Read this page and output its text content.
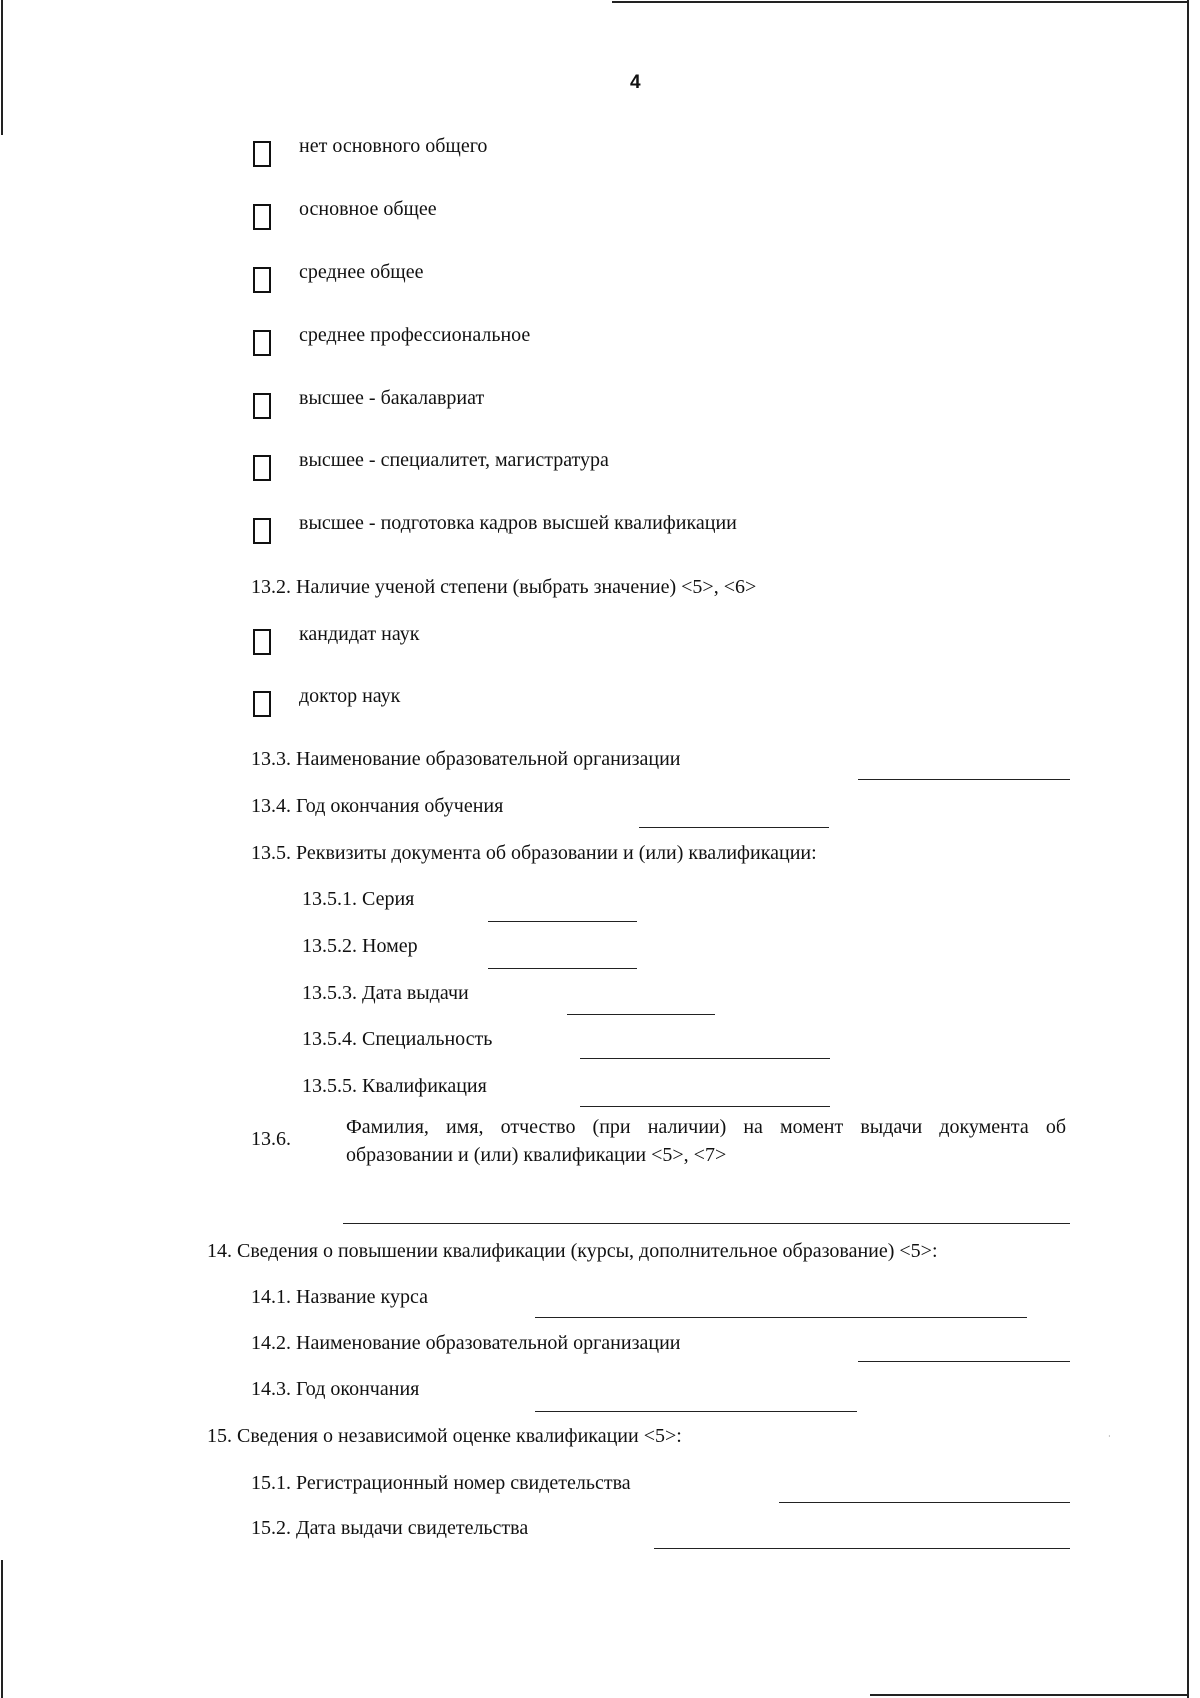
4
нет основного общего
основное общее
среднее общее
среднее профессиональное
высшее - бакалавриат
высшее - специалитет, магистратура
высшее - подготовка кадров высшей квалификации
13.2. Наличие ученой степени (выбрать значение) <5>, <6>
кандидат наук
доктор наук
13.3. Наименование образовательной организации
13.4. Год окончания обучения
13.5. Реквизиты документа об образовании и (или) квалификации:
13.5.1. Серия
13.5.2. Номер
13.5.3. Дата выдачи
13.5.4. Специальность
13.5.5. Квалификация
13.6.
Фамилия, имя, отчество (при наличии) на момент выдачи документа об образовании и (или) квалификации <5>, <7>
14. Сведения о повышении квалификации (курсы, дополнительное образование) <5>:
14.1. Название курса
14.2. Наименование образовательной организации
14.3. Год окончания
15. Сведения о независимой оценке квалификации <5>:
15.1. Регистрационный номер свидетельства
15.2. Дата выдачи свидетельства
·
